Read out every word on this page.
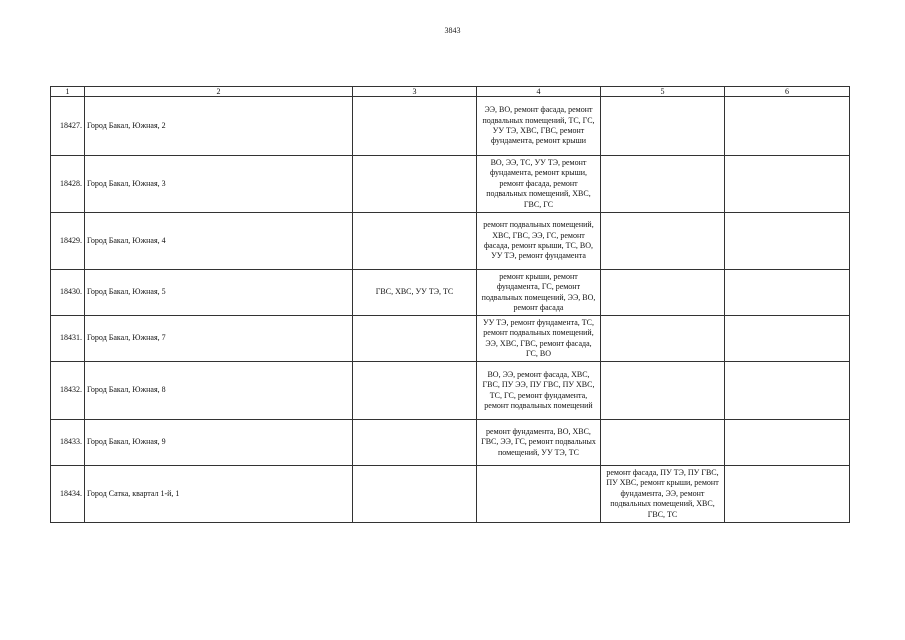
3843
1	2	3	4	5	6
18427.	Город Бакал, Южная, 2		ЭЭ, ВО, ремонт фасада, ремонт подвальных помещений, ТС, ГС, УУ ТЭ, ХВС, ГВС, ремонт фундамента, ремонт крыши		
18428.	Город Бакал, Южная, 3		ВО, ЭЭ, ТС, УУ ТЭ, ремонт фундамента, ремонт крыши, ремонт фасада, ремонт подвальных помещений, ХВС, ГВС, ГС		
18429.	Город Бакал, Южная, 4		ремонт подвальных помещений, ХВС, ГВС, ЭЭ, ГС, ремонт фасада, ремонт крыши, ТС, ВО, УУ ТЭ, ремонт фундамента		
18430.	Город Бакал, Южная, 5	ГВС, ХВС, УУ ТЭ, ТС	ремонт крыши, ремонт фундамента, ГС, ремонт подвальных помещений, ЭЭ, ВО, ремонт фасада		
18431.	Город Бакал, Южная, 7		УУ ТЭ, ремонт фундамента, ТС, ремонт подвальных помещений, ЭЭ, ХВС, ГВС, ремонт фасада, ГС, ВО		
18432.	Город Бакал, Южная, 8		ВО, ЭЭ, ремонт фасада, ХВС, ГВС, ПУ ЭЭ, ПУ ГВС, ПУ ХВС, ТС, ГС, ремонт фундамента, ремонт подвальных помещений		
18433.	Город Бакал, Южная, 9		ремонт фундамента, ВО, ХВС, ГВС, ЭЭ, ГС, ремонт подвальных помещений, УУ ТЭ, ТС		
18434.	Город Сатка, квартал 1-й, 1			ремонт фасада, ПУ ТЭ, ПУ ГВС, ПУ ХВС, ремонт крыши, ремонт фундамента, ЭЭ, ремонт подвальных помещений, ХВС, ГВС, ТС	
